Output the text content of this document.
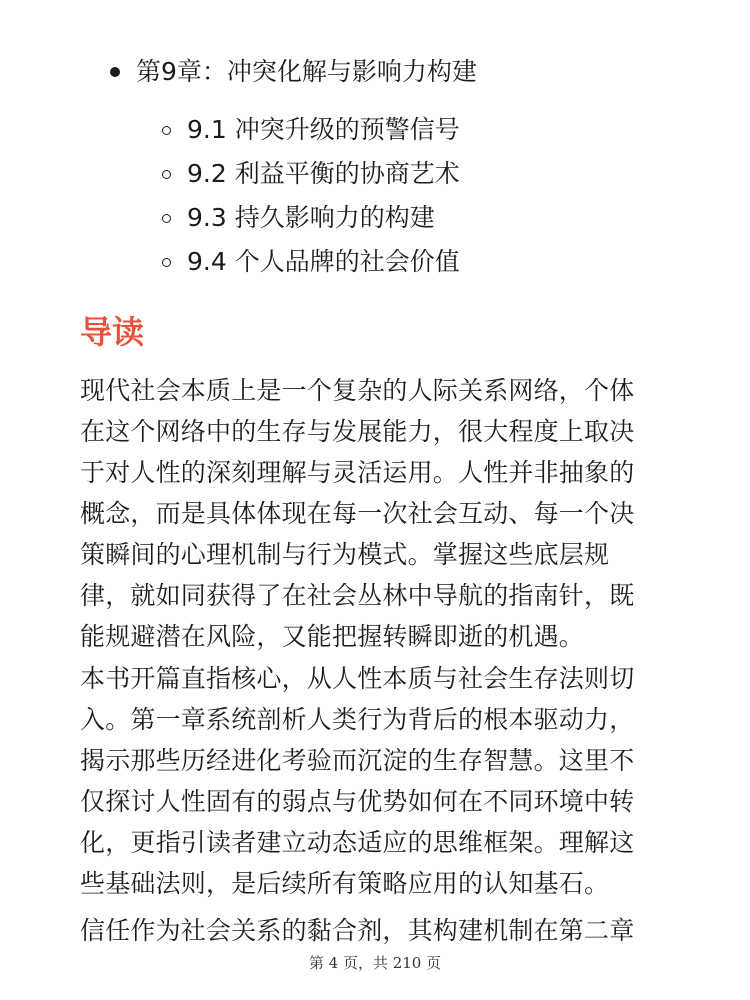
第9章：冲突化解与影响力构建
9.1 冲突升级的预警信号
9.2 利益平衡的协商艺术
9.3 持久影响力的构建
9.4 个人品牌的社会价值
导读

现代社会本质上是一个复杂的人际关系网络，个体
在这个网络中的生存与发展能力，很大程度上取决
于对人性的深刻理解与灵活运用。人性并非抽象的
概念，而是具体体现在每一次社会互动、每一个决
策瞬间的心理机制与行为模式。掌握这些底层规
律，就如同获得了在社会丛林中导航的指南针，既
能规避潜在风险，又能把握转瞬即逝的机遇。

本书开篇直指核心，从人性本质与社会生存法则切
入。第一章系统剖析人类行为背后的根本驱动力，
揭示那些历经进化考验而沉淀的生存智慧。这里不
仅探讨人性固有的弱点与优势如何在不同环境中转
化，更指引读者建立动态适应的思维框架。理解这
些基础法则，是后续所有策略应用的认知基石。

信任作为社会关系的黏合剂，其构建机制在第二章

第 4 页，共 210 页
